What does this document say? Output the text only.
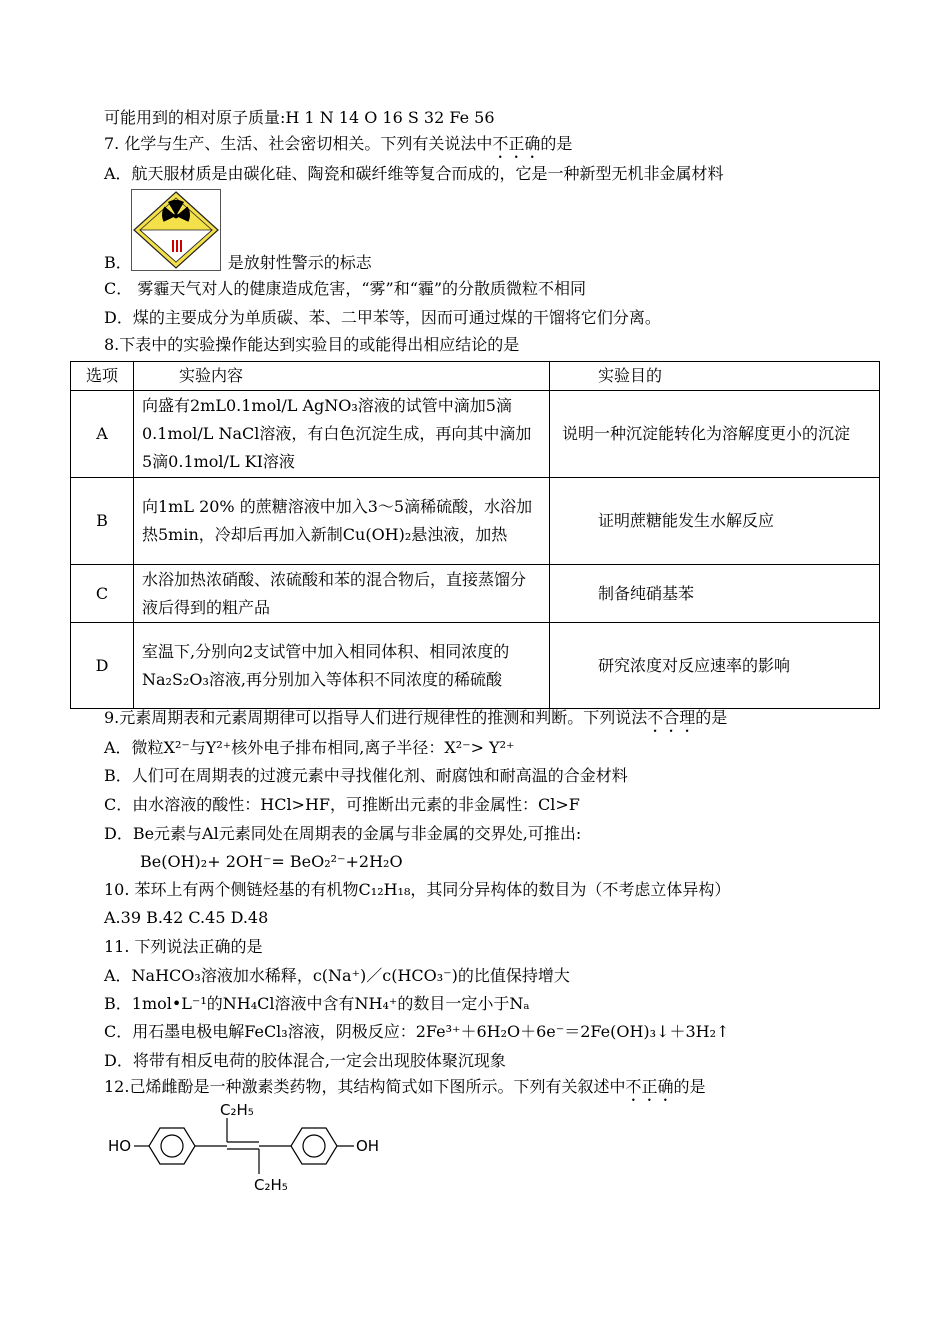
可能用到的相对原子质量:H 1 N 14 O 16 S 32 Fe 56
7. 化学与生产、生活、社会密切相关。下列有关说法中不正确的是
A．航天服材质是由碳化硅、陶瓷和碳纤维等复合而成的，它是一种新型无机非金属材料
B．	是放射性警示的标志
C． 雾霾天气对人的健康造成危害，“雾”和“霾”的分散质微粒不相同
D．煤的主要成分为单质碳、苯、二甲苯等，因而可通过煤的干馏将它们分离。
8.下表中的实验操作能达到实验目的或能得出相应结论的是
选项	实验内容	实验目的
A	向盛有2mL0.1mol/L AgNO₃溶液的试管中滴加5滴0.1mol/L NaCl溶液，有白色沉淀生成，再向其中滴加5滴0.1mol/L KI溶液	说明一种沉淀能转化为溶解度更小的沉淀
B	向1mL 20% 的蔗糖溶液中加入3～5滴稀硫酸，水浴加热5min，冷却后再加入新制Cu(OH)₂悬浊液，加热	证明蔗糖能发生水解反应
C	水浴加热浓硝酸、浓硫酸和苯的混合物后，直接蒸馏分液后得到的粗产品	制备纯硝基苯
D	室温下,分别向2支试管中加入相同体积、相同浓度的Na₂S₂O₃溶液,再分别加入等体积不同浓度的稀硫酸	研究浓度对反应速率的影响
9.元素周期表和元素周期律可以指导人们进行规律性的推测和判断。下列说法不合理的是
A．微粒X²⁻与Y²⁺核外电子排布相同,离子半径：X²⁻> Y²⁺
B．人们可在周期表的过渡元素中寻找催化剂、耐腐蚀和耐高温的合金材料
C．由水溶液的酸性：HCl>HF，可推断出元素的非金属性：Cl>F
D．Be元素与Al元素同处在周期表的金属与非金属的交界处,可推出:
Be(OH)₂+ 2OH⁻= BeO₂²⁻+2H₂O
10. 苯环上有两个侧链烃基的有机物C₁₂H₁₈，其同分异构体的数目为（不考虑立体异构）
A.39 B.42 C.45 D.48
11. 下列说法正确的是
A．NaHCO₃溶液加水稀释，c(Na⁺)／c(HCO₃⁻)的比值保持增大
B．1mol•L⁻¹的NH₄Cl溶液中含有NH₄⁺的数目一定小于Nₐ
C．用石墨电极电解FeCl₃溶液，阴极反应：2Fe³⁺＋6H₂O＋6e⁻＝2Fe(OH)₃↓＋3H₂↑
D．将带有相反电荷的胶体混合,一定会出现胶体聚沉现象
12.己烯雌酚是一种激素类药物，其结构简式如下图所示。下列有关叙述中不正确的是
HO
C₂H₅
C₂H₅
OH
